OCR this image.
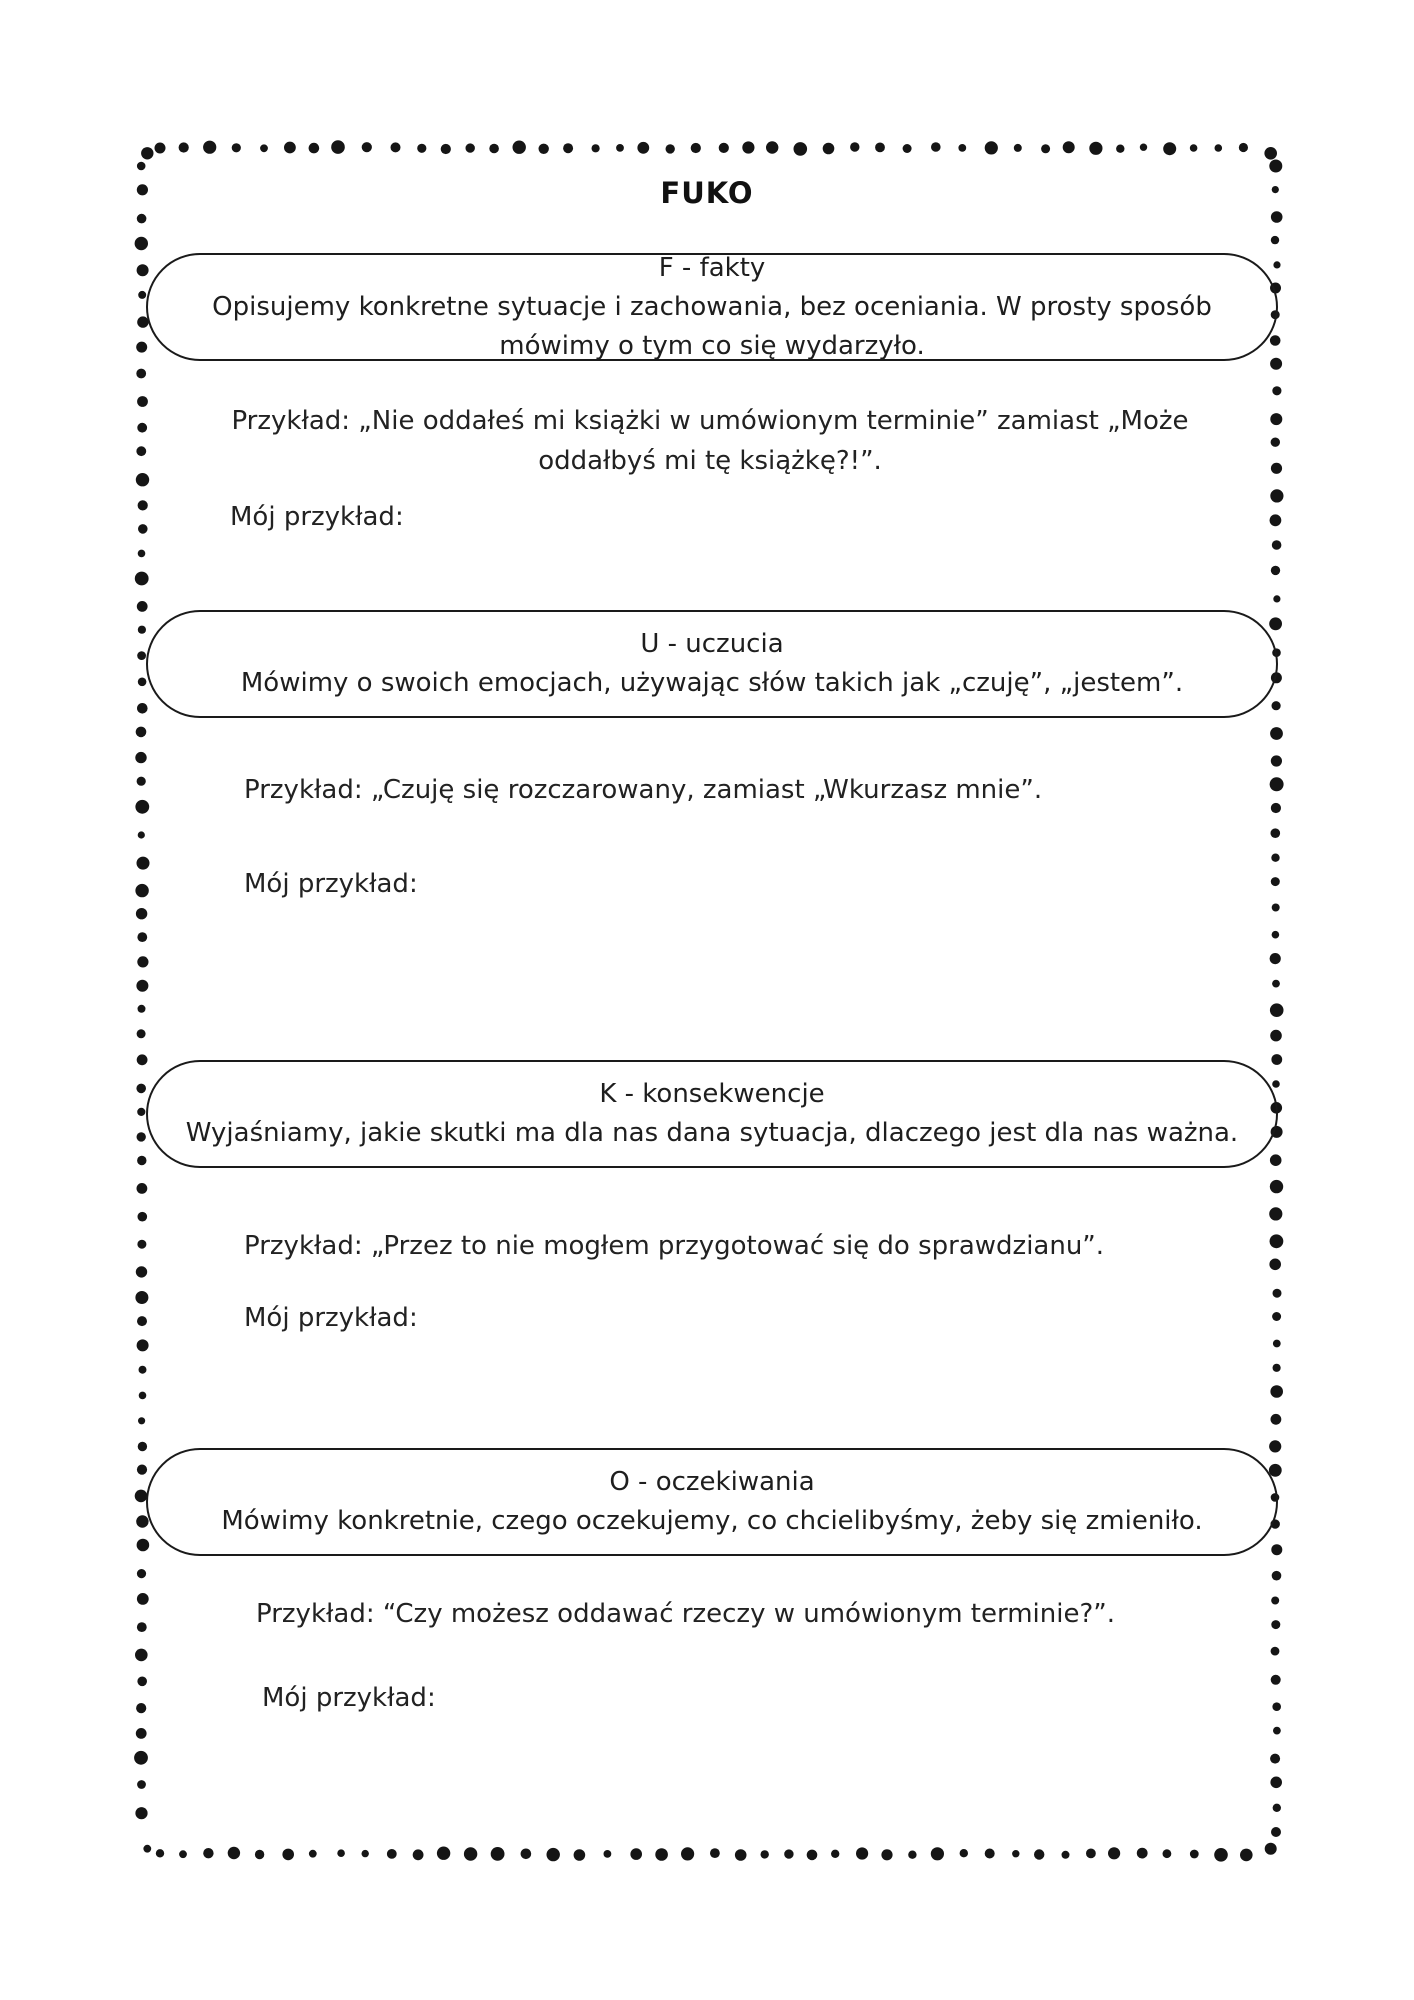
FUKO
F - fakty
Opisujemy konkretne sytuacje i zachowania, bez oceniania. W prosty sposób mówimy o tym co się wydarzyło.
Przykład: „Nie oddałeś mi książki w umówionym terminie” zamiast „Może oddałbyś mi tę książkę?!”.
Mój przykład:
U - uczucia
Mówimy o swoich emocjach, używając słów takich jak „czuję”, „jestem”.
Przykład: „Czuję się rozczarowany, zamiast „Wkurzasz mnie”.
Mój przykład:
K - konsekwencje
Wyjaśniamy, jakie skutki ma dla nas dana sytuacja, dlaczego jest dla nas ważna.
Przykład: „Przez to nie mogłem przygotować się do sprawdzianu”.
Mój przykład:
O - oczekiwania
Mówimy konkretnie, czego oczekujemy, co chcielibyśmy, żeby się zmieniło.
Przykład: “Czy możesz oddawać rzeczy w umówionym terminie?”.
Mój przykład:
